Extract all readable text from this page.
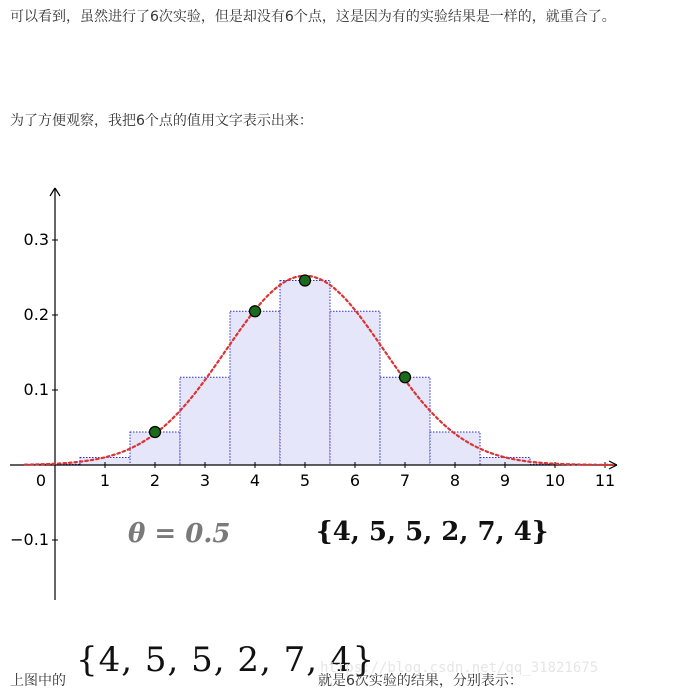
可以看到，虽然进行了6次实验，但是却没有6个点，这是因为有的实验结果是一样的，就重合了。
为了方便观察，我把6个点的值用文字表示出来：
−0.1
0.1
0.2
0.3
0	1 2 3 4 5 6 7 8 9 10 11
θ = 0.5	{4, 5, 5, 2, 7, 4}
上图中的
{4, 5, 5, 2, 7, 4}
就是6次实验的结果，分别表示：
https://blog.csdn.net/qq_31821675
